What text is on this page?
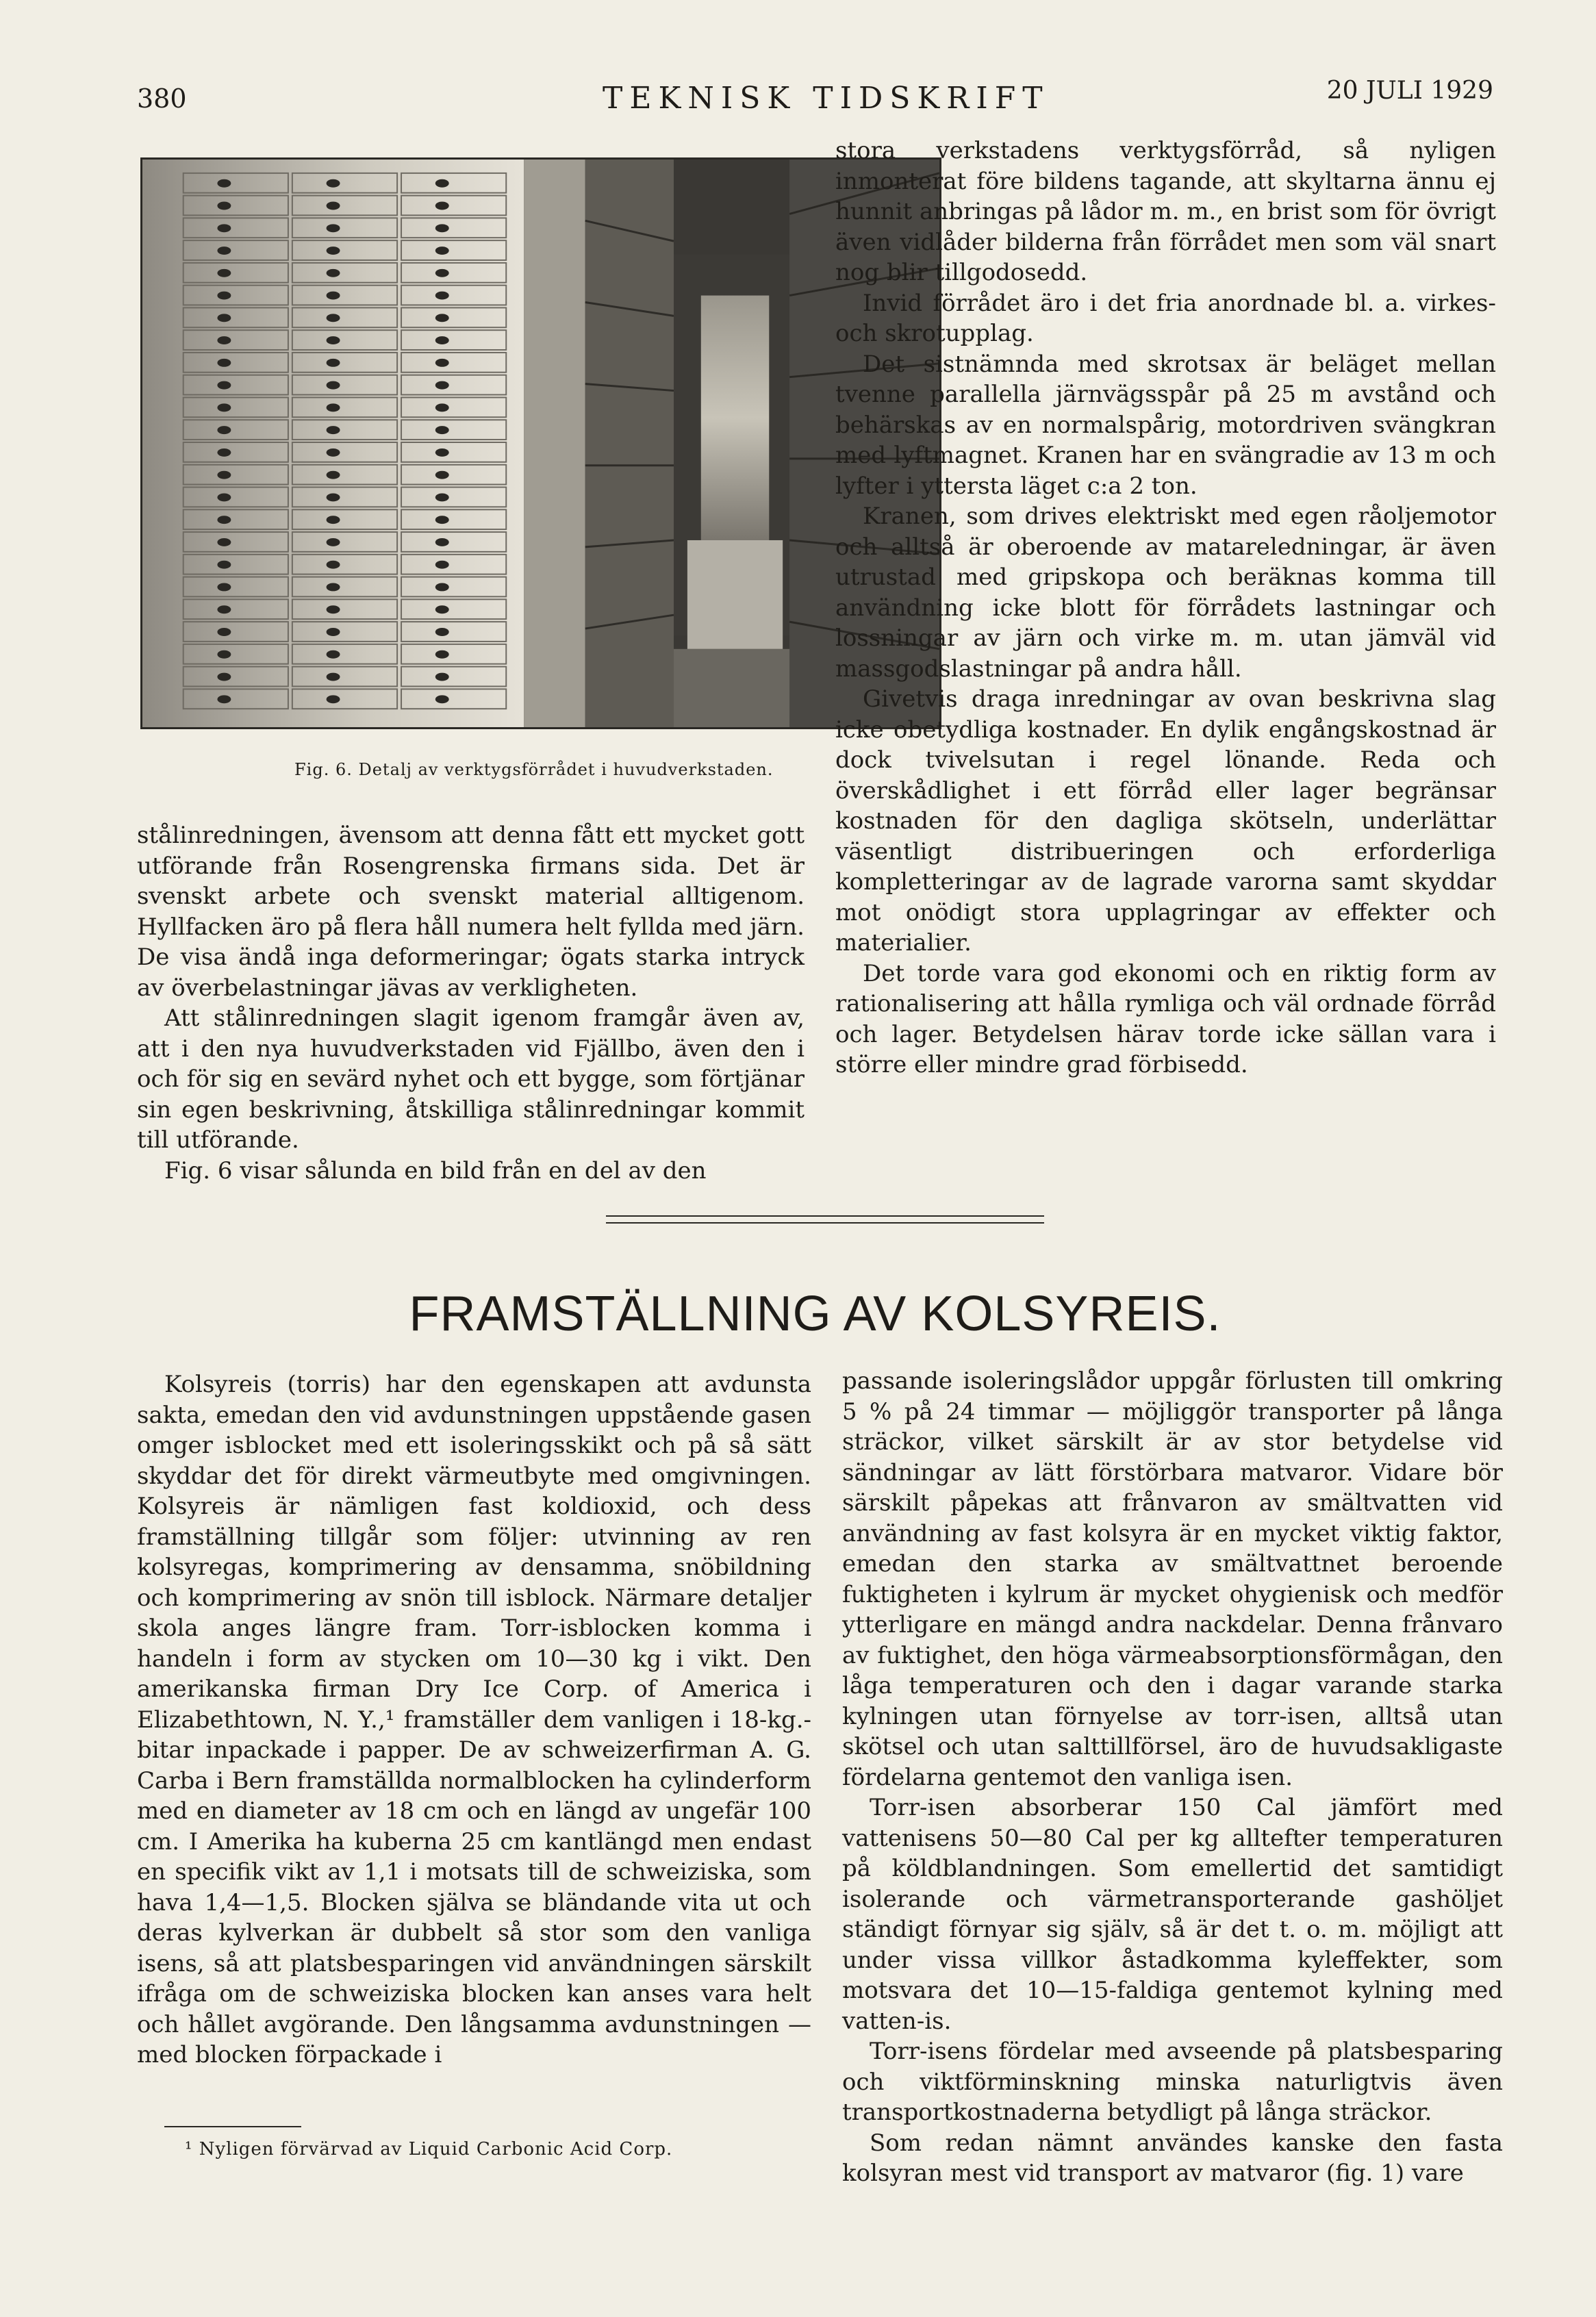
380	TEKNISK TIDSKRIFT	20 JULI 1929
Fig. 6. Detalj av verktygsförrådet i huvudverkstaden.

stålinredningen, ävensom att denna fått ett mycket gott utförande från Rosengrenska firmans sida. Det är svenskt arbete och svenskt material alltigenom. Hyllfacken äro på flera håll numera helt fyllda med järn. De visa ändå inga deformeringar; ögats starka intryck av överbelastningar jävas av verkligheten.

Att stålinredningen slagit igenom framgår även av, att i den nya huvudverkstaden vid Fjällbo, även den i och för sig en sevärd nyhet och ett bygge, som förtjänar sin egen beskrivning, åtskilliga stålinredningar kommit till utförande.

Fig. 6 visar sålunda en bild från en del av den

stora verkstadens verktygsförråd, så nyligen inmonterat före bildens tagande, att skyltarna ännu ej hunnit anbringas på lådor m. m., en brist som för övrigt även vidlåder bilderna från förrådet men som väl snart nog blir tillgodosedd.

Invid förrådet äro i det fria anordnade bl. a. virkes- och skrotupplag.

Det sistnämnda med skrotsax är beläget mellan tvenne parallella järnvägsspår på 25 m avstånd och behärskas av en normalspårig, motordriven svängkran med lyftmagnet. Kranen har en svängradie av 13 m och lyfter i yttersta läget c:a 2 ton.

Kranen, som drives elektriskt med egen råoljemotor och alltså är oberoende av matareledningar, är även utrustad med gripskopa och beräknas komma till användning icke blott för förrådets lastningar och lossningar av järn och virke m. m. utan jämväl vid massgodslastningar på andra håll.

Givetvis draga inredningar av ovan beskrivna slag icke obetydliga kostnader. En dylik engångskostnad är dock tvivelsutan i regel lönande. Reda och överskådlighet i ett förråd eller lager begränsar kostnaden för den dagliga skötseln, underlättar väsentligt distribueringen och erforderliga kompletteringar av de lagrade varorna samt skyddar mot onödigt stora upplagringar av effekter och materialier.

Det torde vara god ekonomi och en riktig form av rationalisering att hålla rymliga och väl ordnade förråd och lager. Betydelsen härav torde icke sällan vara i större eller mindre grad förbisedd.

FRAMSTÄLLNING AV KOLSYREIS.

Kolsyreis (torris) har den egenskapen att avdunsta sakta, emedan den vid avdunstningen uppstående gasen omger isblocket med ett isoleringsskikt och på så sätt skyddar det för direkt värmeutbyte med omgivningen. Kolsyreis är nämligen fast koldioxid, och dess framställning tillgår som följer: utvinning av ren kolsyregas, komprimering av densamma, snöbildning och komprimering av snön till isblock. Närmare detaljer skola anges längre fram. Torr-isblocken komma i handeln i form av stycken om 10—30 kg i vikt. Den amerikanska firman Dry Ice Corp. of America i Elizabethtown, N. Y.,¹ framställer dem vanligen i 18-kg.-bitar inpackade i papper. De av schweizerfirman A. G. Carba i Bern framställda normalblocken ha cylinderform med en diameter av 18 cm och en längd av ungefär 100 cm. I Amerika ha kuberna 25 cm kantlängd men endast en specifik vikt av 1,1 i motsats till de schweiziska, som hava 1,4—1,5. Blocken själva se bländande vita ut och deras kylverkan är dubbelt så stor som den vanliga isens, så att platsbesparingen vid användningen särskilt ifråga om de schweiziska blocken kan anses vara helt och hållet avgörande. Den långsamma avdunstningen — med blocken förpackade i

passande isoleringslådor uppgår förlusten till omkring 5 % på 24 timmar — möjliggör transporter på långa sträckor, vilket särskilt är av stor betydelse vid sändningar av lätt förstörbara matvaror. Vidare bör särskilt påpekas att frånvaron av smältvatten vid användning av fast kolsyra är en mycket viktig faktor, emedan den starka av smältvattnet beroende fuktigheten i kylrum är mycket ohygienisk och medför ytterligare en mängd andra nackdelar. Denna frånvaro av fuktighet, den höga värmeabsorptionsförmågan, den låga temperaturen och den i dagar varande starka kylningen utan förnyelse av torr-isen, alltså utan skötsel och utan salttillförsel, äro de huvudsakligaste fördelarna gentemot den vanliga isen.

Torr-isen absorberar 150 Cal jämfört med vattenisens 50—80 Cal per kg alltefter temperaturen på köldblandningen. Som emellertid det samtidigt isolerande och värmetransporterande gashöljet ständigt förnyar sig själv, så är det t. o. m. möjligt att under vissa villkor åstadkomma kyleffekter, som motsvara det 10—15-faldiga gentemot kylning med vatten-is.

Torr-isens fördelar med avseende på platsbesparing och viktförminskning minska naturligtvis även transportkostnaderna betydligt på långa sträckor.

Som redan nämnt användes kanske den fasta kolsyran mest vid transport av matvaror (fig. 1) vare

¹ Nyligen förvärvad av Liquid Carbonic Acid Corp.
